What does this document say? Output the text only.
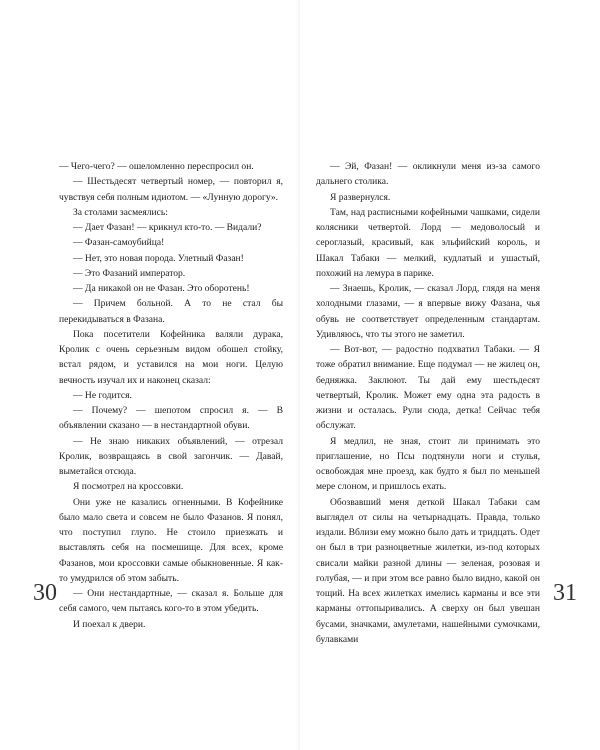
— Чего-чего? — ошеломленно переспросил он.

— Шестьдесят четвертый номер, — повторил я, чувствуя себя полным идиотом. — «Лунную дорогу».

За столами засмеялись:

— Дает Фазан! — крикнул кто-то. — Видали?

— Фазан-самоубийца!

— Нет, это новая порода. Улетный Фазан!

— Это Фазаний император.

— Да никакой он не Фазан. Это оборотень!

— Причем больной. А то не стал бы перекидываться в Фазана.

Пока посетители Кофейника валяли дурака, Кролик с очень серьезным видом обошел стойку, встал рядом, и уставился на мои ноги. Целую вечность изучал их и наконец сказал:

— Не годится.

— Почему? — шепотом спросил я. — В объявлении сказано — в нестандартной обуви.

— Не знаю никаких объявлений, — отрезал Кролик, возвращаясь в свой загончик. — Давай, выметайся отсюда.

Я посмотрел на кроссовки.

Они уже не казались огненными. В Кофейнике было мало света и совсем не было Фазанов. Я понял, что поступил глупо. Не стоило приезжать и выставлять себя на посмешище. Для всех, кроме Фазанов, мои кроссовки самые обыкновенные. Я как-то умудрился об этом забыть.

— Они нестандартные, — сказал я. Больше для себя самого, чем пытаясь кого-то в этом убедить.

И поехал к двери.

30

— Эй, Фазан! — окликнули меня из-за самого дальнего столика.

Я развернулся.

Там, над расписными кофейными чашками, сидели колясники четвертой. Лорд — медоволосый и сероглазый, красивый, как эльфийский король, и Шакал Табаки — мелкий, кудлатый и ушастый, похожий на лемура в парике.

— Знаешь, Кролик, — сказал Лорд, глядя на меня холодными глазами, — я впервые вижу Фазана, чья обувь не соответствует определенным стандартам. Удивляюсь, что ты этого не заметил.

— Вот-вот, — радостно подхватил Табаки. — Я тоже обратил внимание. Еще подумал — не жилец он, бедняжка. Заклюют. Ты дай ему шестьдесят четвертый, Кролик. Может ему одна эта радость в жизни и осталась. Рули сюда, детка! Сейчас тебя обслужат.

Я медлил, не зная, стоит ли принимать это приглашение, но Псы подтянули ноги и стулья, освобождая мне проезд, как будто я был по меньшей мере слоном, и пришлось ехать.

Обозвавший меня деткой Шакал Табаки сам выглядел от силы на четырнадцать. Правда, только издали. Вблизи ему можно было дать и тридцать. Одет он был в три разноцветные жилетки, из-под которых свисали майки разной длины — зеленая, розовая и голубая, — и при этом все равно было видно, какой он тощий. На всех жилетках имелись карманы и все эти карманы оттопыривались. А сверху он был увешан бусами, значками, амулетами, нашейными сумочками, булавками

31
